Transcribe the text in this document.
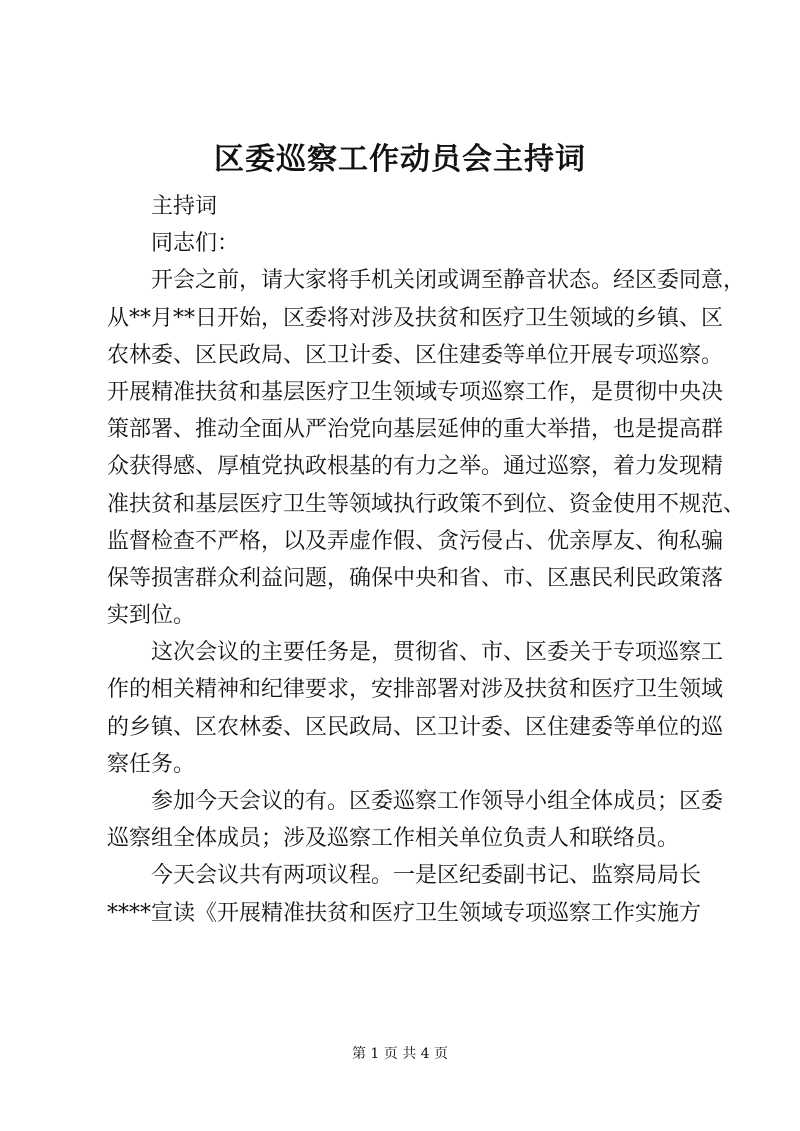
区委巡察工作动员会主持词
主持词
同志们：
开会之前，请大家将手机关闭或调至静音状态。经区委同意，
从**月**日开始，区委将对涉及扶贫和医疗卫生领域的乡镇、区
农林委、区民政局、区卫计委、区住建委等单位开展专项巡察。
开展精准扶贫和基层医疗卫生领域专项巡察工作，是贯彻中央决
策部署、推动全面从严治党向基层延伸的重大举措，也是提高群
众获得感、厚植党执政根基的有力之举。通过巡察，着力发现精
准扶贫和基层医疗卫生等领域执行政策不到位、资金使用不规范、
监督检查不严格，以及弄虚作假、贪污侵占、优亲厚友、徇私骗
保等损害群众利益问题，确保中央和省、市、区惠民利民政策落
实到位。
这次会议的主要任务是，贯彻省、市、区委关于专项巡察工
作的相关精神和纪律要求，安排部署对涉及扶贫和医疗卫生领域
的乡镇、区农林委、区民政局、区卫计委、区住建委等单位的巡
察任务。
参加今天会议的有。区委巡察工作领导小组全体成员；区委
巡察组全体成员；涉及巡察工作相关单位负责人和联络员。
今天会议共有两项议程。一是区纪委副书记、监察局局长
****宣读《开展精准扶贫和医疗卫生领域专项巡察工作实施方
第 1 页 共 4 页
